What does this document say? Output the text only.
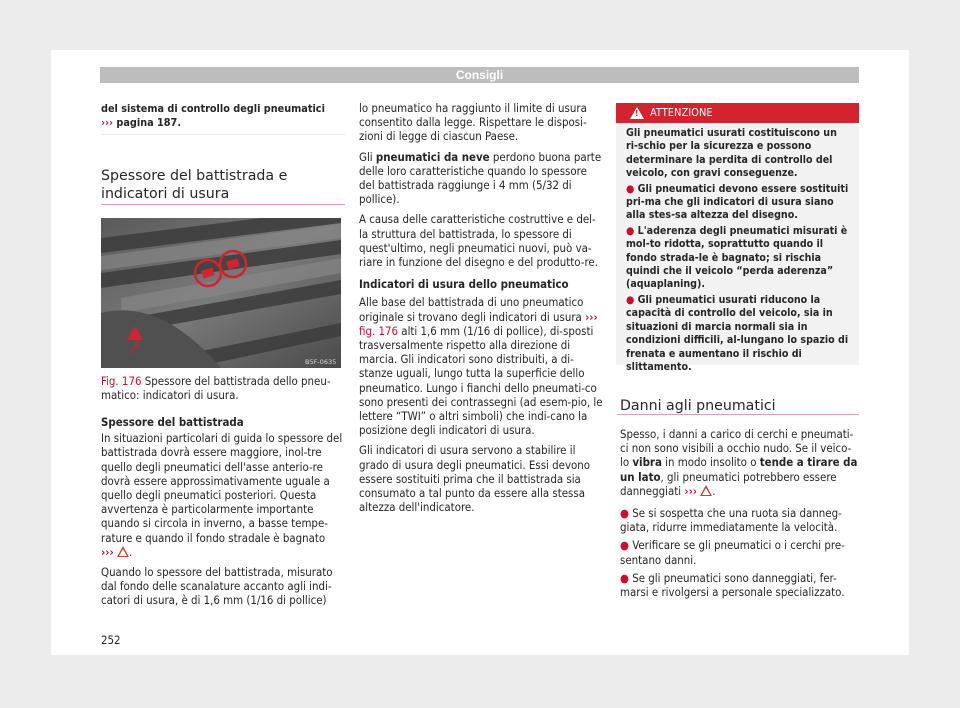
Consigli

del sistema di controllo degli pneumatici
››› pagina 187.

Spessore del battistrada e indicatori di usura
TWI
B5F-0635
Fig. 176 Spessore del battistrada dello pneu-matico: indicatori di usura.

Spessore del battistrada

In situazioni particolari di guida lo spessore del battistrada dovrà essere maggiore, inol-tre quello degli pneumatici dell'asse anterio-re dovrà essere approssimativamente uguale a quello degli pneumatici posteriori. Questa avvertenza è particolarmente importante quando si circola in inverno, a basse tempe-rature e quando il fondo stradale è bagnato
››› .

Quando lo spessore del battistrada, misurato dal fondo delle scanalature accanto agli indi-catori di usura, è di 1,6 mm (1/16 di pollice)

lo pneumatico ha raggiunto il limite di usura consentito dalla legge. Rispettare le disposi-zioni di legge di ciascun Paese.

Gli pneumatici da neve perdono buona parte delle loro caratteristiche quando lo spessore del battistrada raggiunge i 4 mm (5/32 di pollice).

A causa delle caratteristiche costruttive e del-la struttura del battistrada, lo spessore di quest'ultimo, negli pneumatici nuovi, può va-riare in funzione del disegno e del produtto-re.

Indicatori di usura dello pneumatico

Alle base del battistrada di uno pneumatico originale si trovano degli indicatori di usura ››› fig. 176 alti 1,6 mm (1/16 di pollice), di-sposti trasversalmente rispetto alla direzione di marcia. Gli indicatori sono distribuiti, a di-stanze uguali, lungo tutta la superficie dello pneumatico. Lungo i fianchi dello pneumati-co sono presenti dei contrassegni (ad esem-pio, le lettere “TWI” o altri simboli) che indi-cano la posizione degli indicatori di usura.

Gli indicatori di usura servono a stabilire il grado di usura degli pneumatici. Essi devono essere sostituiti prima che il battistrada sia consumato a tal punto da essere alla stessa altezza dell'indicatore.

!
ATTENZIONE

Gli pneumatici usurati costituiscono un ri-schio per la sicurezza e possono determinare la perdita di controllo del veicolo, con gravi conseguenze.

● Gli pneumatici devono essere sostituiti pri-ma che gli indicatori di usura siano alla stes-sa altezza del disegno.

● L'aderenza degli pneumatici misurati è mol-to ridotta, soprattutto quando il fondo strada-le è bagnato; si rischia quindi che il veicolo “perda aderenza” (aquaplaning).

● Gli pneumatici usurati riducono la capacità di controllo del veicolo, sia in situazioni di marcia normali sia in condizioni difficili, al-lungano lo spazio di frenata e aumentano il rischio di slittamento.

Danni agli pneumatici

Spesso, i danni a carico di cerchi e pneumati-ci non sono visibili a occhio nudo. Se il veico-lo vibra in modo insolito o tende a tirare da un lato, gli pneumatici potrebbero essere danneggiati ››› .

● Se si sospetta che una ruota sia danneg-giata, ridurre immediatamente la velocità.

● Verificare se gli pneumatici o i cerchi pre-sentano danni.

● Se gli pneumatici sono danneggiati, fer-marsi e rivolgersi a personale specializzato.

252
